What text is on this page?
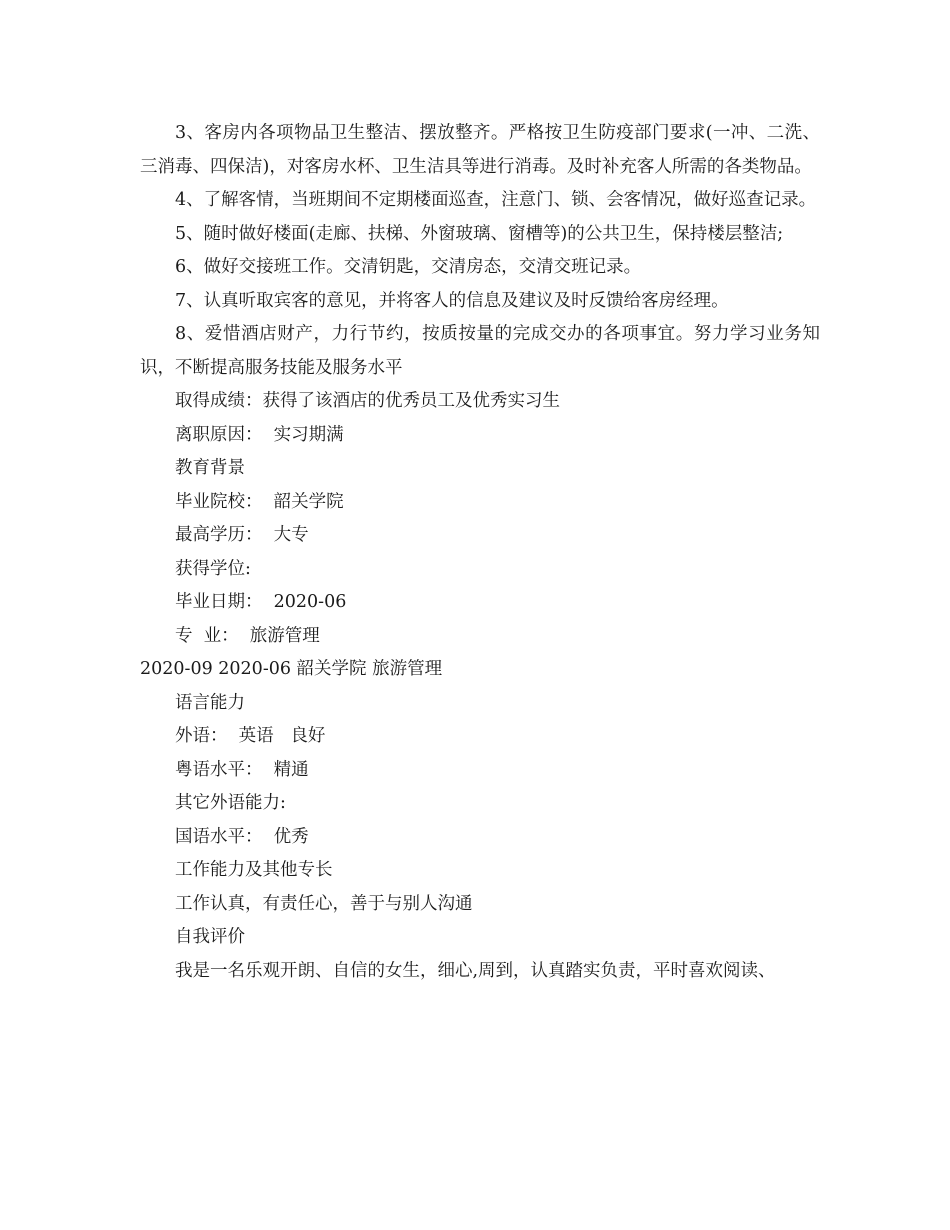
3、客房内各项物品卫生整洁、摆放整齐。严格按卫生防疫部门要求(一冲、二洗、三消毒、四保洁)，对客房水杯、卫生洁具等进行消毒。及时补充客人所需的各类物品。

4、了解客情，当班期间不定期楼面巡查，注意门、锁、会客情况，做好巡查记录。

5、随时做好楼面(走廊、扶梯、外窗玻璃、窗槽等)的公共卫生，保持楼层整洁;

6、做好交接班工作。交清钥匙，交清房态，交清交班记录。

7、认真听取宾客的意见，并将客人的信息及建议及时反馈给客房经理。

8、爱惜酒店财产，力行节约，按质按量的完成交办的各项事宜。努力学习业务知识，不断提高服务技能及服务水平

取得成绩：获得了该酒店的优秀员工及优秀实习生

离职原因：  实习期满

教育背景

毕业院校：  韶关学院

最高学历：  大专

获得学位:

毕业日期：  2020-06

专  业：  旅游管理

2020-09 2020-06 韶关学院 旅游管理

语言能力

外语：  英语   良好

粤语水平：  精通

其它外语能力:

国语水平：  优秀

工作能力及其他专长

工作认真，有责任心，善于与别人沟通

自我评价

我是一名乐观开朗、自信的女生，细心,周到，认真踏实负责，平时喜欢阅读、
